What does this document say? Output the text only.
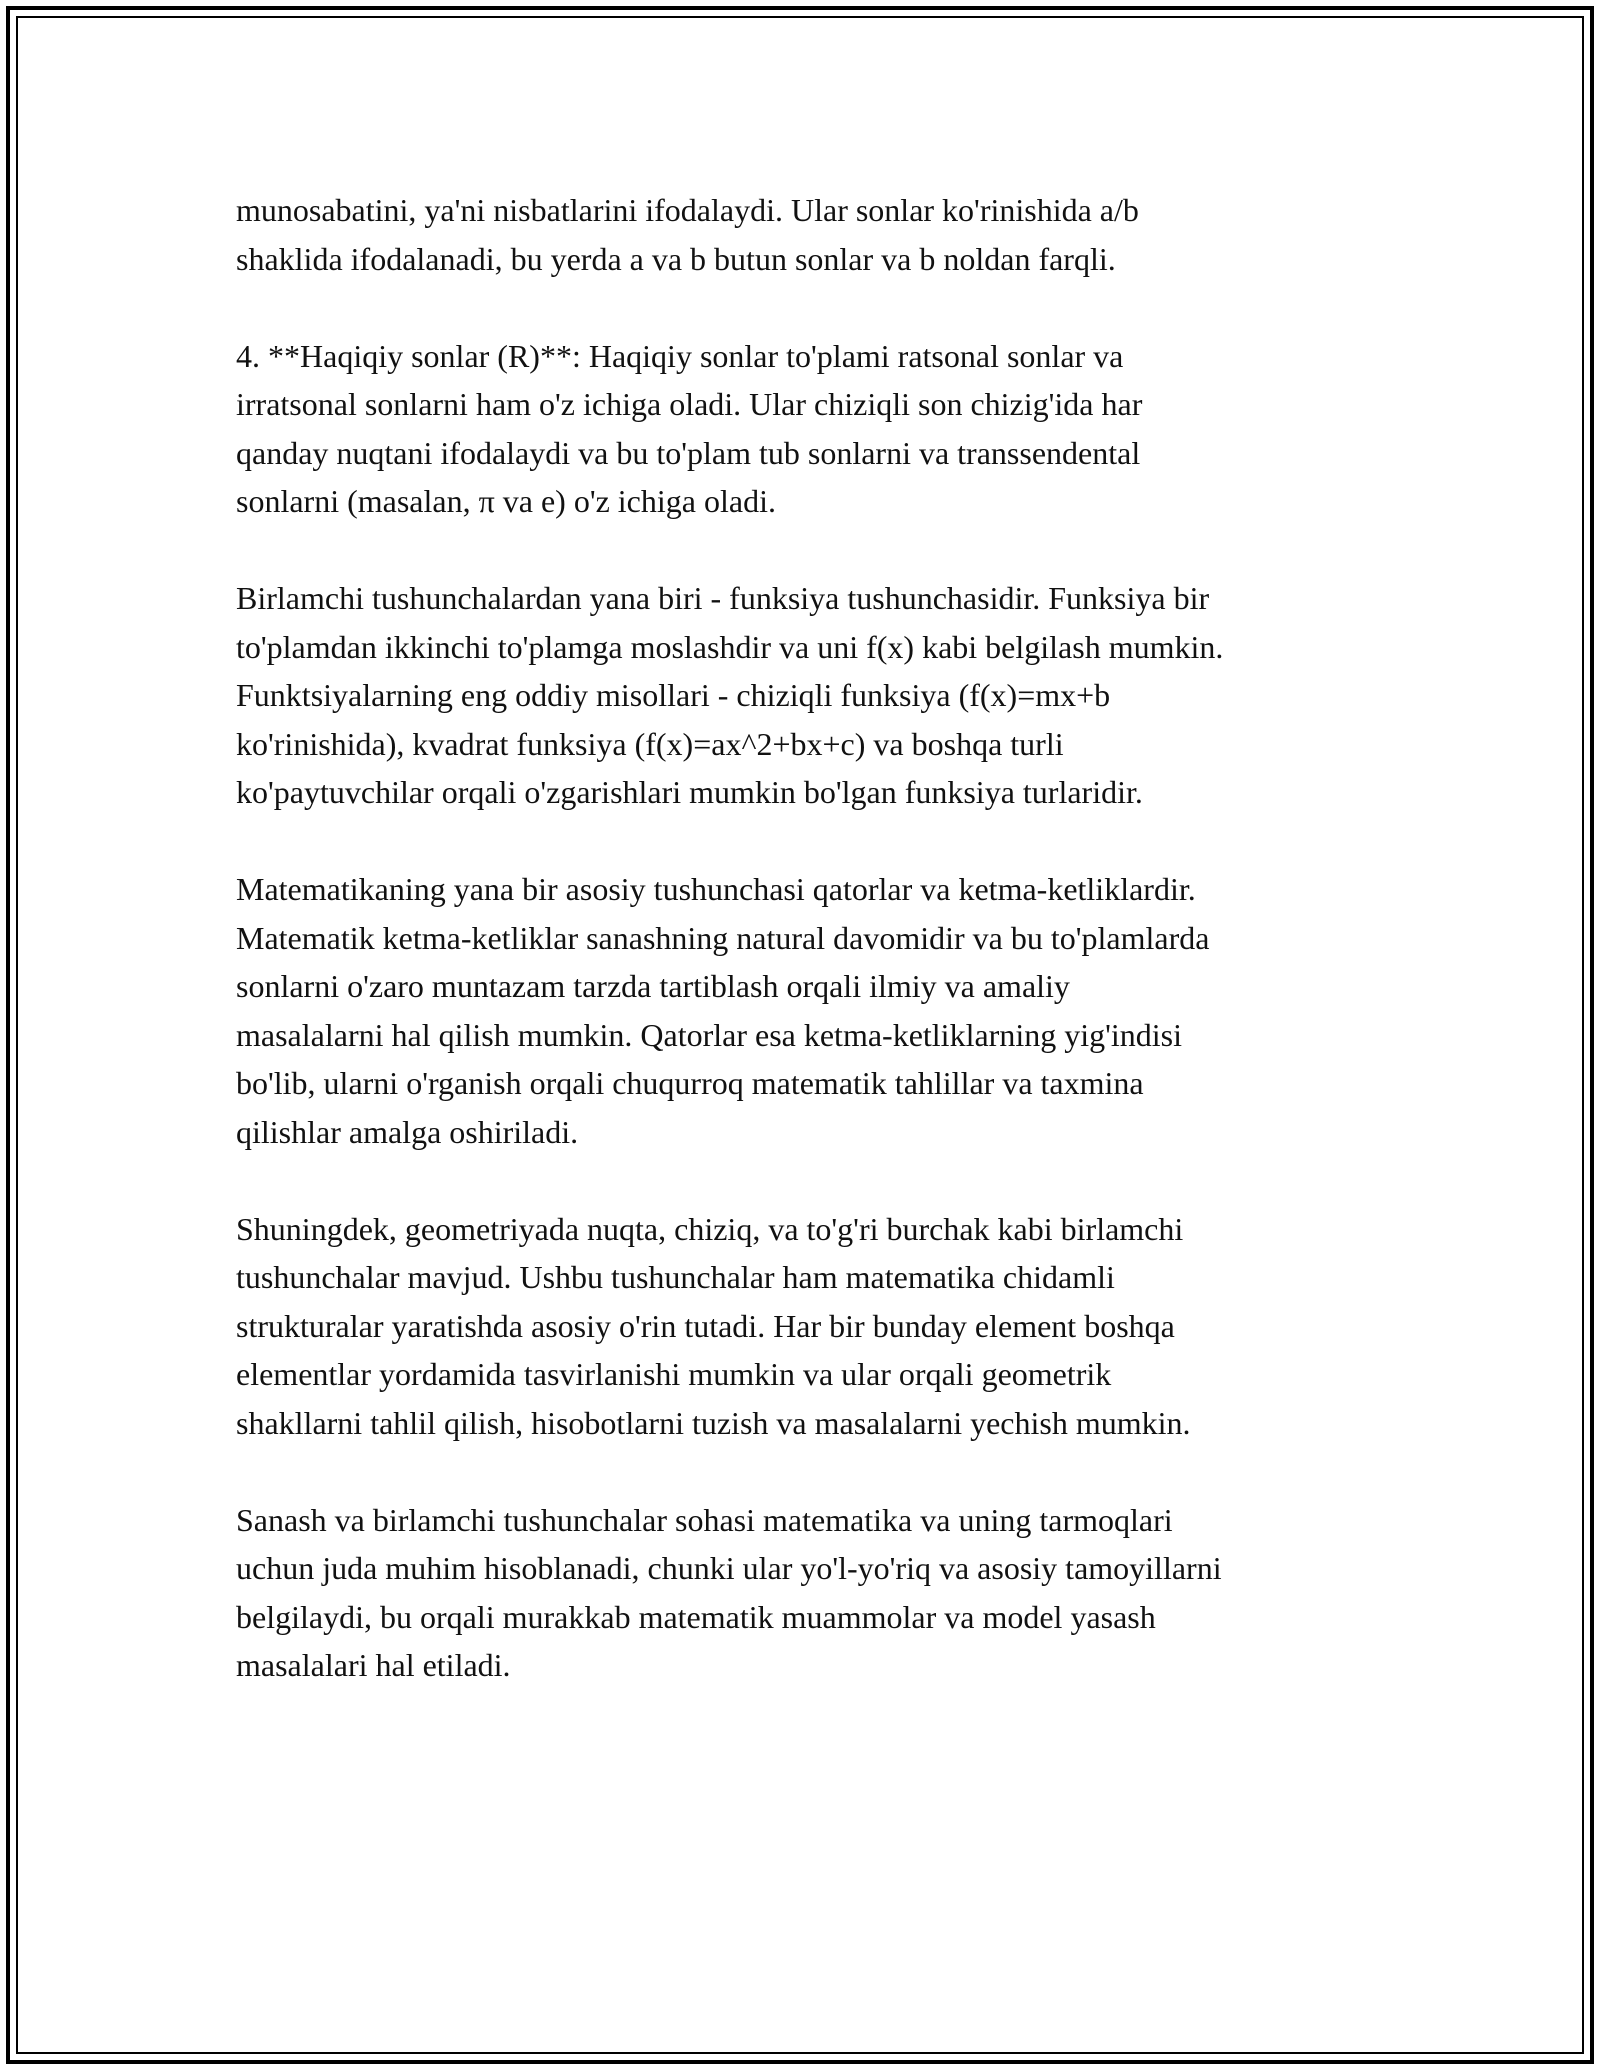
munosabatini, ya'ni nisbatlarini ifodalaydi. Ular sonlar ko'rinishida a/b
shaklida ifodalanadi, bu yerda a va b butun sonlar va b noldan farqli.

4. **Haqiqiy sonlar (R)**: Haqiqiy sonlar to'plami ratsonal sonlar va
irratsonal sonlarni ham o'z ichiga oladi. Ular chiziqli son chizig'ida har
qanday nuqtani ifodalaydi va bu to'plam tub sonlarni va transsendental
sonlarni (masalan, π va e) o'z ichiga oladi.

Birlamchi tushunchalardan yana biri - funksiya tushunchasidir. Funksiya bir
to'plamdan ikkinchi to'plamga moslashdir va uni f(x) kabi belgilash mumkin.
Funktsiyalarning eng oddiy misollari - chiziqli funksiya (f(x)=mx+b
ko'rinishida), kvadrat funksiya (f(x)=ax^2+bx+c) va boshqa turli
ko'paytuvchilar orqali o'zgarishlari mumkin bo'lgan funksiya turlaridir.

Matematikaning yana bir asosiy tushunchasi qatorlar va ketma-ketliklardir.
Matematik ketma-ketliklar sanashning natural davomidir va bu to'plamlarda
sonlarni o'zaro muntazam tarzda tartiblash orqali ilmiy va amaliy
masalalarni hal qilish mumkin. Qatorlar esa ketma-ketliklarning yig'indisi
bo'lib, ularni o'rganish orqali chuqurroq matematik tahlillar va taxmina
qilishlar amalga oshiriladi.

Shuningdek, geometriyada nuqta, chiziq, va to'g'ri burchak kabi birlamchi
tushunchalar mavjud. Ushbu tushunchalar ham matematika chidamli
strukturalar yaratishda asosiy o'rin tutadi. Har bir bunday element boshqa
elementlar yordamida tasvirlanishi mumkin va ular orqali geometrik
shakllarni tahlil qilish, hisobotlarni tuzish va masalalarni yechish mumkin.

Sanash va birlamchi tushunchalar sohasi matematika va uning tarmoqlari
uchun juda muhim hisoblanadi, chunki ular yo'l-yo'riq va asosiy tamoyillarni
belgilaydi, bu orqali murakkab matematik muammolar va model yasash
masalalari hal etiladi.
